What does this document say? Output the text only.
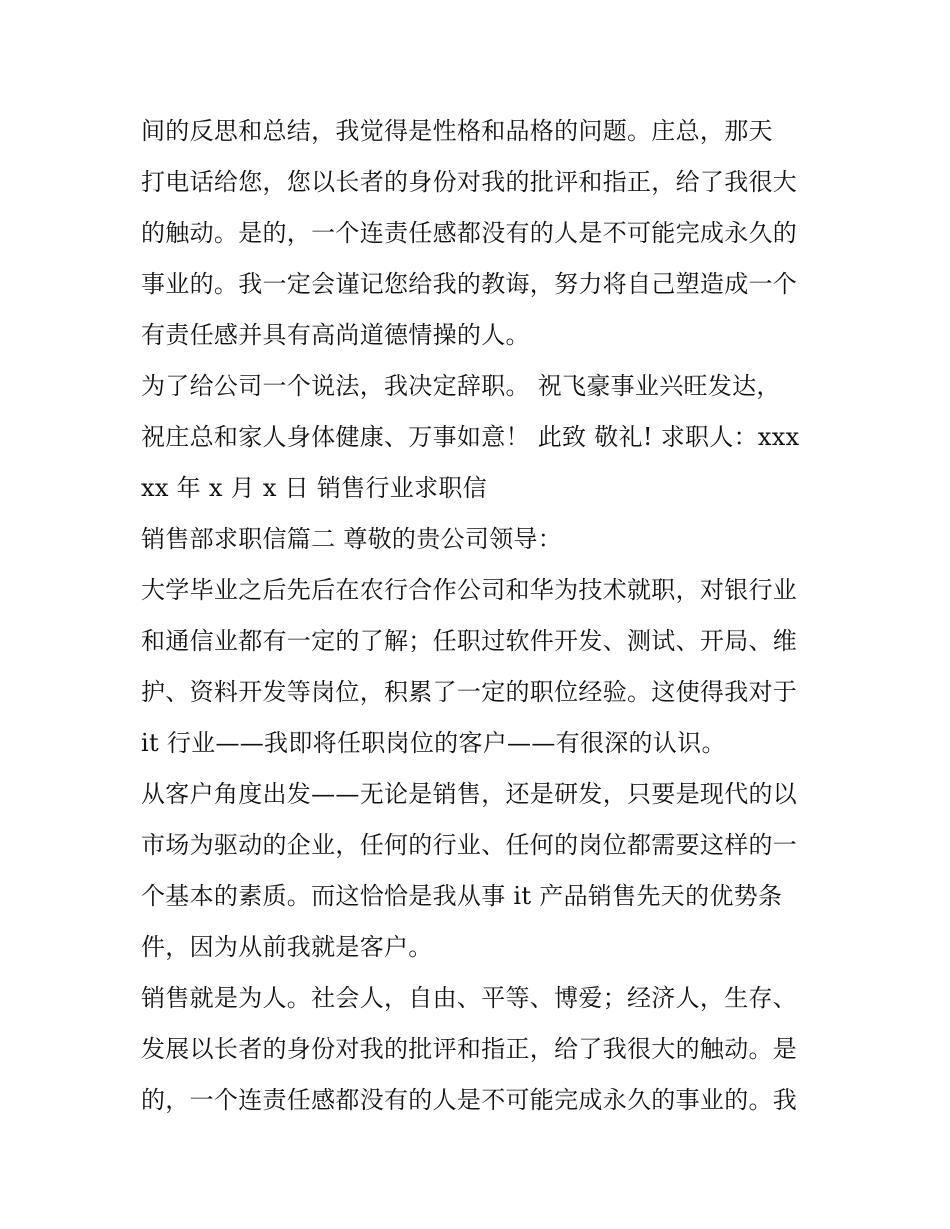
间的反思和总结，我觉得是性格和品格的问题。庄总，那天
打电话给您，您以长者的身份对我的批评和指正，给了我很大
的触动。是的，一个连责任感都没有的人是不可能完成永久的
事业的。我一定会谨记您给我的教诲，努力将自己塑造成一个
有责任感并具有高尚道德情操的人。
为了给公司一个说法，我决定辞职。 祝飞豪事业兴旺发达，
祝庄总和家人身体健康、万事如意！ 此致 敬礼! 求职人：xxx
xx 年 x 月 x 日 销售行业求职信
销售部求职信篇二 尊敬的贵公司领导：
大学毕业之后先后在农行合作公司和华为技术就职，对银行业
和通信业都有一定的了解；任职过软件开发、测试、开局、维
护、资料开发等岗位，积累了一定的职位经验。这使得我对于
it 行业——我即将任职岗位的客户——有很深的认识。
从客户角度出发——无论是销售，还是研发，只要是现代的以
市场为驱动的企业，任何的行业、任何的岗位都需要这样的一
个基本的素质。而这恰恰是我从事 it 产品销售先天的优势条
件，因为从前我就是客户。
销售就是为人。社会人，自由、平等、博爱；经济人，生存、
发展以长者的身份对我的批评和指正，给了我很大的触动。是
的，一个连责任感都没有的人是不可能完成永久的事业的。我
